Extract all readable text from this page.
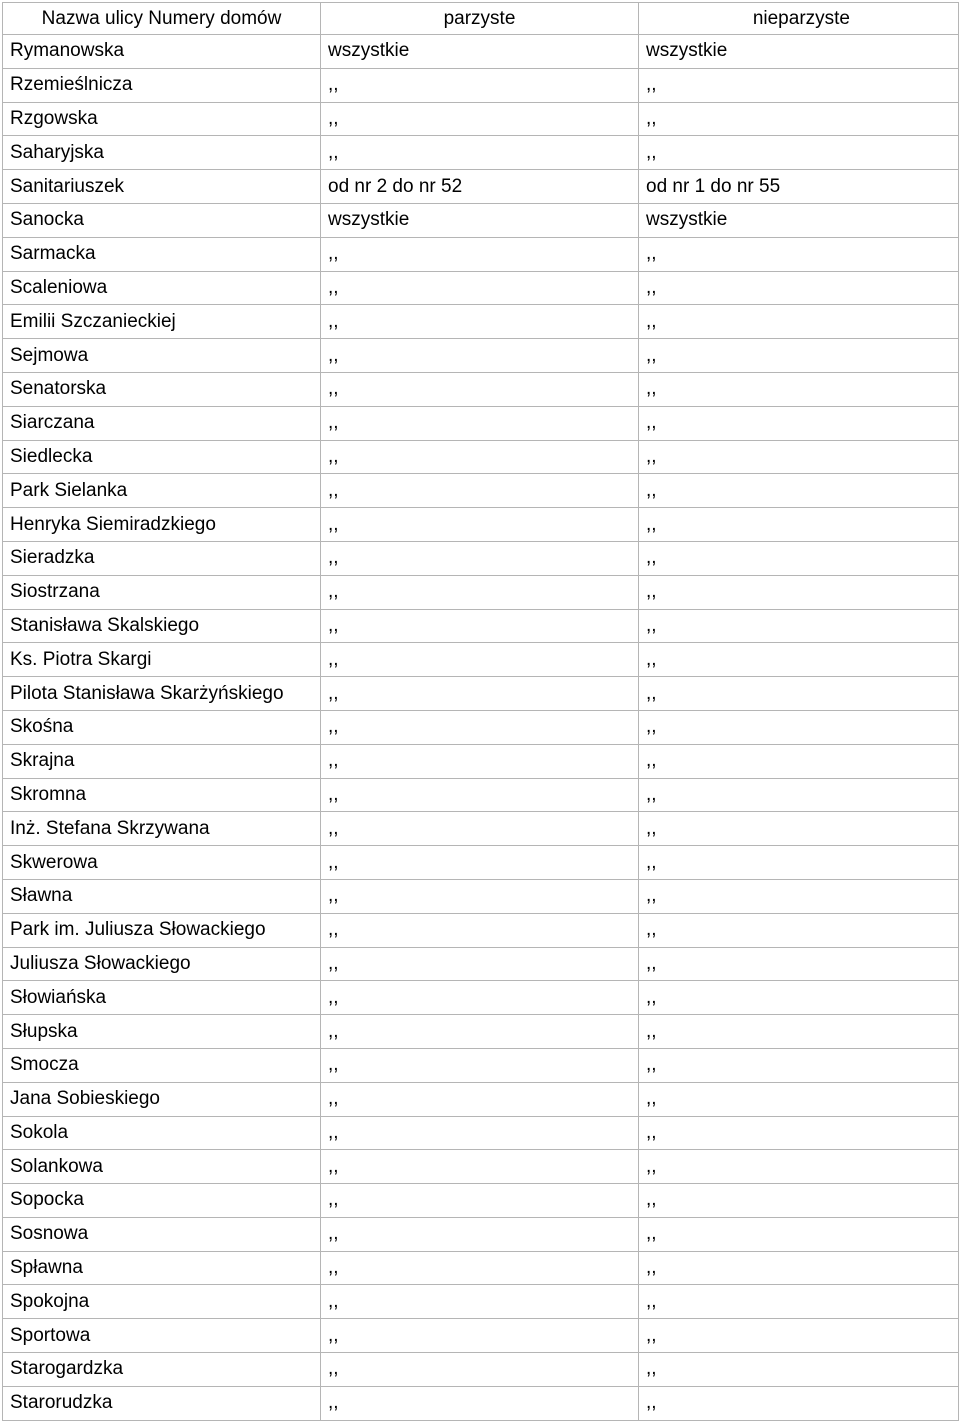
Nazwa ulicy Numery domów	parzyste	nieparzyste
Rymanowska	wszystkie	wszystkie
Rzemieślnicza	,,	,,
Rzgowska	,,	,,
Saharyjska	,,	,,
Sanitariuszek	od nr 2 do nr 52	od nr 1 do nr 55
Sanocka	wszystkie	wszystkie
Sarmacka	,,	,,
Scaleniowa	,,	,,
Emilii Szczanieckiej	,,	,,
Sejmowa	,,	,,
Senatorska	,,	,,
Siarczana	,,	,,
Siedlecka	,,	,,
Park Sielanka	,,	,,
Henryka Siemiradzkiego	,,	,,
Sieradzka	,,	,,
Siostrzana	,,	,,
Stanisława Skalskiego	,,	,,
Ks. Piotra Skargi	,,	,,
Pilota Stanisława Skarżyńskiego	,,	,,
Skośna	,,	,,
Skrajna	,,	,,
Skromna	,,	,,
Inż. Stefana Skrzywana	,,	,,
Skwerowa	,,	,,
Sławna	,,	,,
Park im. Juliusza Słowackiego	,,	,,
Juliusza Słowackiego	,,	,,
Słowiańska	,,	,,
Słupska	,,	,,
Smocza	,,	,,
Jana Sobieskiego	,,	,,
Sokola	,,	,,
Solankowa	,,	,,
Sopocka	,,	,,
Sosnowa	,,	,,
Spławna	,,	,,
Spokojna	,,	,,
Sportowa	,,	,,
Starogardzka	,,	,,
Starorudzka	,,	,,
